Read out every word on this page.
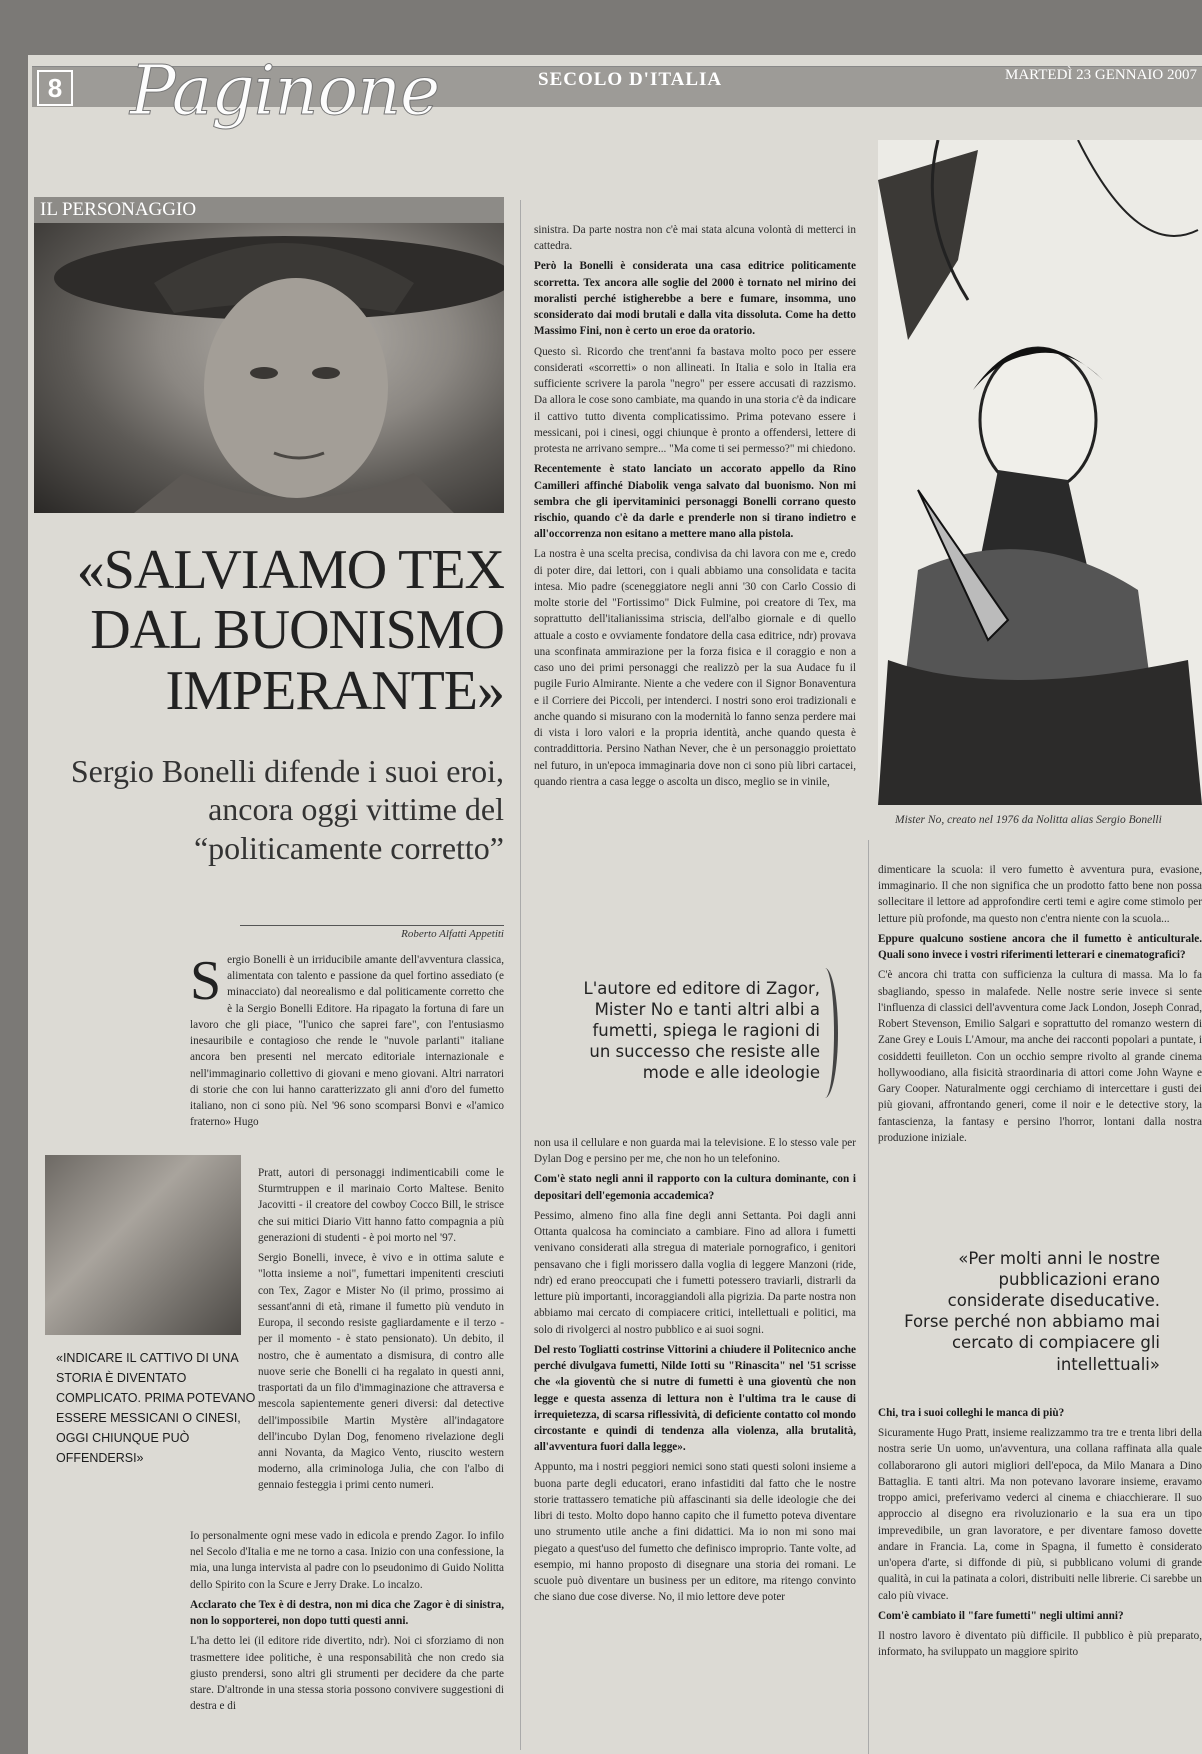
8 Paginone	SECOLO D'ITALIA	MARTEDÌ 23 GENNAIO 2007
IL PERSONAGGIO
«SALVIAMO TEX DAL BUONISMO IMPERANTE»
Sergio Bonelli difende i suoi eroi, ancora oggi vittime del “politicamente corretto”
Roberto Alfatti Appetiti
S ergio Bonelli è un irriducibile amante dell'avventura classica, alimentata con talento e passione da quel fortino assediato (e minacciato) dal neorealismo e dal politicamente corretto che è la Sergio Bonelli Editore. Ha ripagato la fortuna di fare un lavoro che gli piace, "l'unico che saprei fare", con l'entusiasmo inesauribile e contagioso che rende le "nuvole parlanti" italiane ancora ben presenti nel mercato editoriale internazionale e nell'immaginario collettivo di giovani e meno giovani. Altri narratori di storie che con lui hanno caratterizzato gli anni d'oro del fumetto italiano, non ci sono più. Nel '96 sono scomparsi Bonvi e «l'amico fraterno» Hugo

Pratt, autori di personaggi indimenticabili come le Sturmtruppen e il marinaio Corto Maltese. Benito Jacovitti - il creatore del cowboy Cocco Bill, le strisce che sui mitici Diario Vitt hanno fatto compagnia a più generazioni di studenti - è poi morto nel '97.

Sergio Bonelli, invece, è vivo e in ottima salute e "lotta insieme a noi", fumettari impenitenti cresciuti con Tex, Zagor e Mister No (il primo, prossimo ai sessant'anni di età, rimane il fumetto più venduto in Europa, il secondo resiste gagliardamente e il terzo - per il momento - è stato pensionato). Un debito, il nostro, che è aumentato a dismisura, di contro alle nuove serie che Bonelli ci ha regalato in questi anni, trasportati da un filo d'immaginazione che attraversa e mescola sapientemente generi diversi: dal detective dell'impossibile Martin Mystère all'indagatore dell'incubo Dylan Dog, fenomeno rivelazione degli anni Novanta, da Magico Vento, riuscito western moderno, alla criminologa Julia, che con l'albo di gennaio festeggia i primi cento numeri.

«INDICARE IL CATTIVO DI UNA STORIA È DIVENTATO COMPLICATO. PRIMA POTEVANO ESSERE MESSICANI O CINESI, OGGI CHIUNQUE PUÒ OFFENDERSI»

Io personalmente ogni mese vado in edicola e prendo Zagor. Io infilo nel Secolo d'Italia e me ne torno a casa. Inizio con una confessione, la mia, una lunga intervista al padre con lo pseudonimo di Guido Nolitta dello Spirito con la Scure e Jerry Drake. Lo incalzo.

Acclarato che Tex è di destra, non mi dica che Zagor è di sinistra, non lo sopporterei, non dopo tutti questi anni.

L'ha detto lei (il editore ride divertito, ndr). Noi ci sforziamo di non trasmettere idee politiche, è una responsabilità che non credo sia giusto prendersi, sono altri gli strumenti per decidere da che parte stare. D'altronde in una stessa storia possono convivere suggestioni di destra e di

sinistra. Da parte nostra non c'è mai stata alcuna volontà di metterci in cattedra.

Però la Bonelli è considerata una casa editrice politicamente scorretta. Tex ancora alle soglie del 2000 è tornato nel mirino dei moralisti perché istigherebbe a bere e fumare, insomma, uno sconsiderato dai modi brutali e dalla vita dissoluta. Come ha detto Massimo Fini, non è certo un eroe da oratorio.

Questo sì. Ricordo che trent'anni fa bastava molto poco per essere considerati «scorretti» o non allineati. In Italia e solo in Italia era sufficiente scrivere la parola "negro" per essere accusati di razzismo. Da allora le cose sono cambiate, ma quando in una storia c'è da indicare il cattivo tutto diventa complicatissimo. Prima potevano essere i messicani, poi i cinesi, oggi chiunque è pronto a offendersi, lettere di protesta ne arrivano sempre... "Ma come ti sei permesso?" mi chiedono.

Recentemente è stato lanciato un accorato appello da Rino Camilleri affinché Diabolik venga salvato dal buonismo. Non mi sembra che gli ipervitaminici personaggi Bonelli corrano questo rischio, quando c'è da darle e prenderle non si tirano indietro e all'occorrenza non esitano a mettere mano alla pistola.

La nostra è una scelta precisa, condivisa da chi lavora con me e, credo di poter dire, dai lettori, con i quali abbiamo una consolidata e tacita intesa. Mio padre (sceneggiatore negli anni '30 con Carlo Cossio di molte storie del "Fortissimo" Dick Fulmine, poi creatore di Tex, ma soprattutto dell'italianissima striscia, dell'albo giornale e di quello attuale a costo e ovviamente fondatore della casa editrice, ndr) provava una sconfinata ammirazione per la forza fisica e il coraggio e non a caso uno dei primi personaggi che realizzò per la sua Audace fu il pugile Furio Almirante. Niente a che vedere con il Signor Bonaventura e il Corriere dei Piccoli, per intenderci. I nostri sono eroi tradizionali e anche quando si misurano con la modernità lo fanno senza perdere mai di vista i loro valori e la propria identità, anche quando questa è contraddittoria. Persino Nathan Never, che è un personaggio proiettato nel futuro, in un'epoca immaginaria dove non ci sono più libri cartacei, quando rientra a casa legge o ascolta un disco, meglio se in vinile,

L'autore ed editore di Zagor, Mister No e tanti altri albi a fumetti, spiega le ragioni di un successo che resiste alle mode e alle ideologie

non usa il cellulare e non guarda mai la televisione. E lo stesso vale per Dylan Dog e persino per me, che non ho un telefonino.

Com'è stato negli anni il rapporto con la cultura dominante, con i depositari dell'egemonia accademica?

Pessimo, almeno fino alla fine degli anni Settanta. Poi dagli anni Ottanta qualcosa ha cominciato a cambiare. Fino ad allora i fumetti venivano considerati alla stregua di materiale pornografico, i genitori pensavano che i figli morissero dalla voglia di leggere Manzoni (ride, ndr) ed erano preoccupati che i fumetti potessero traviarli, distrarli da letture più importanti, incoraggiandoli alla pigrizia. Da parte nostra non abbiamo mai cercato di compiacere critici, intellettuali e politici, ma solo di rivolgerci al nostro pubblico e ai suoi sogni.

Del resto Togliatti costrinse Vittorini a chiudere il Politecnico anche perché divulgava fumetti, Nilde Iotti su "Rinascita" nel '51 scrisse che «la gioventù che si nutre di fumetti è una gioventù che non legge e questa assenza di lettura non è l'ultima tra le cause di irrequietezza, di scarsa riflessività, di deficiente contatto col mondo circostante e quindi di tendenza alla violenza, alla brutalità, all'avventura fuori dalla legge».

Appunto, ma i nostri peggiori nemici sono stati questi soloni insieme a buona parte degli educatori, erano infastiditi dal fatto che le nostre storie trattassero tematiche più affascinanti sia delle ideologie che dei libri di testo. Molto dopo hanno capito che il fumetto poteva diventare uno strumento utile anche a fini didattici. Ma io non mi sono mai piegato a quest'uso del fumetto che definisco improprio. Tante volte, ad esempio, mi hanno proposto di disegnare una storia dei romani. Le scuole può diventare un business per un editore, ma ritengo convinto che siano due cose diverse. No, il mio lettore deve poter

Mister No, creato nel 1976 da Nolitta alias Sergio Bonelli

dimenticare la scuola: il vero fumetto è avventura pura, evasione, immaginario. Il che non significa che un prodotto fatto bene non possa sollecitare il lettore ad approfondire certi temi e agire come stimolo per letture più profonde, ma questo non c'entra niente con la scuola...

Eppure qualcuno sostiene ancora che il fumetto è anticulturale. Quali sono invece i vostri riferimenti letterari e cinematografici?

C'è ancora chi tratta con sufficienza la cultura di massa. Ma lo fa sbagliando, spesso in malafede. Nelle nostre serie invece si sente l'influenza di classici dell'avventura come Jack London, Joseph Conrad, Robert Stevenson, Emilio Salgari e soprattutto del romanzo western di Zane Grey e Louis L'Amour, ma anche dei racconti popolari a puntate, i cosiddetti feuilleton. Con un occhio sempre rivolto al grande cinema hollywoodiano, alla fisicità straordinaria di attori come John Wayne e Gary Cooper. Naturalmente oggi cerchiamo di intercettare i gusti dei più giovani, affrontando generi, come il noir e le detective story, la fantascienza, la fantasy e persino l'horror, lontani dalla nostra produzione iniziale.

«Per molti anni le nostre pubblicazioni erano considerate diseducative. Forse perché non abbiamo mai cercato di compiacere gli intellettuali»

Chi, tra i suoi colleghi le manca di più?

Sicuramente Hugo Pratt, insieme realizzammo tra tre e trenta libri della nostra serie Un uomo, un'avventura, una collana raffinata alla quale collaborarono gli autori migliori dell'epoca, da Milo Manara a Dino Battaglia. E tanti altri. Ma non potevano lavorare insieme, eravamo troppo amici, preferivamo vederci al cinema e chiacchierare. Il suo approccio al disegno era rivoluzionario e la sua era un tipo imprevedibile, un gran lavoratore, e per diventare famoso dovette andare in Francia. La, come in Spagna, il fumetto è considerato un'opera d'arte, si diffonde di più, si pubblicano volumi di grande qualità, in cui la patinata a colori, distribuiti nelle librerie. Ci sarebbe un calo più vivace.

Com'è cambiato il "fare fumetti" negli ultimi anni?

Il nostro lavoro è diventato più difficile. Il pubblico è più preparato, informato, ha sviluppato un maggiore spirito
